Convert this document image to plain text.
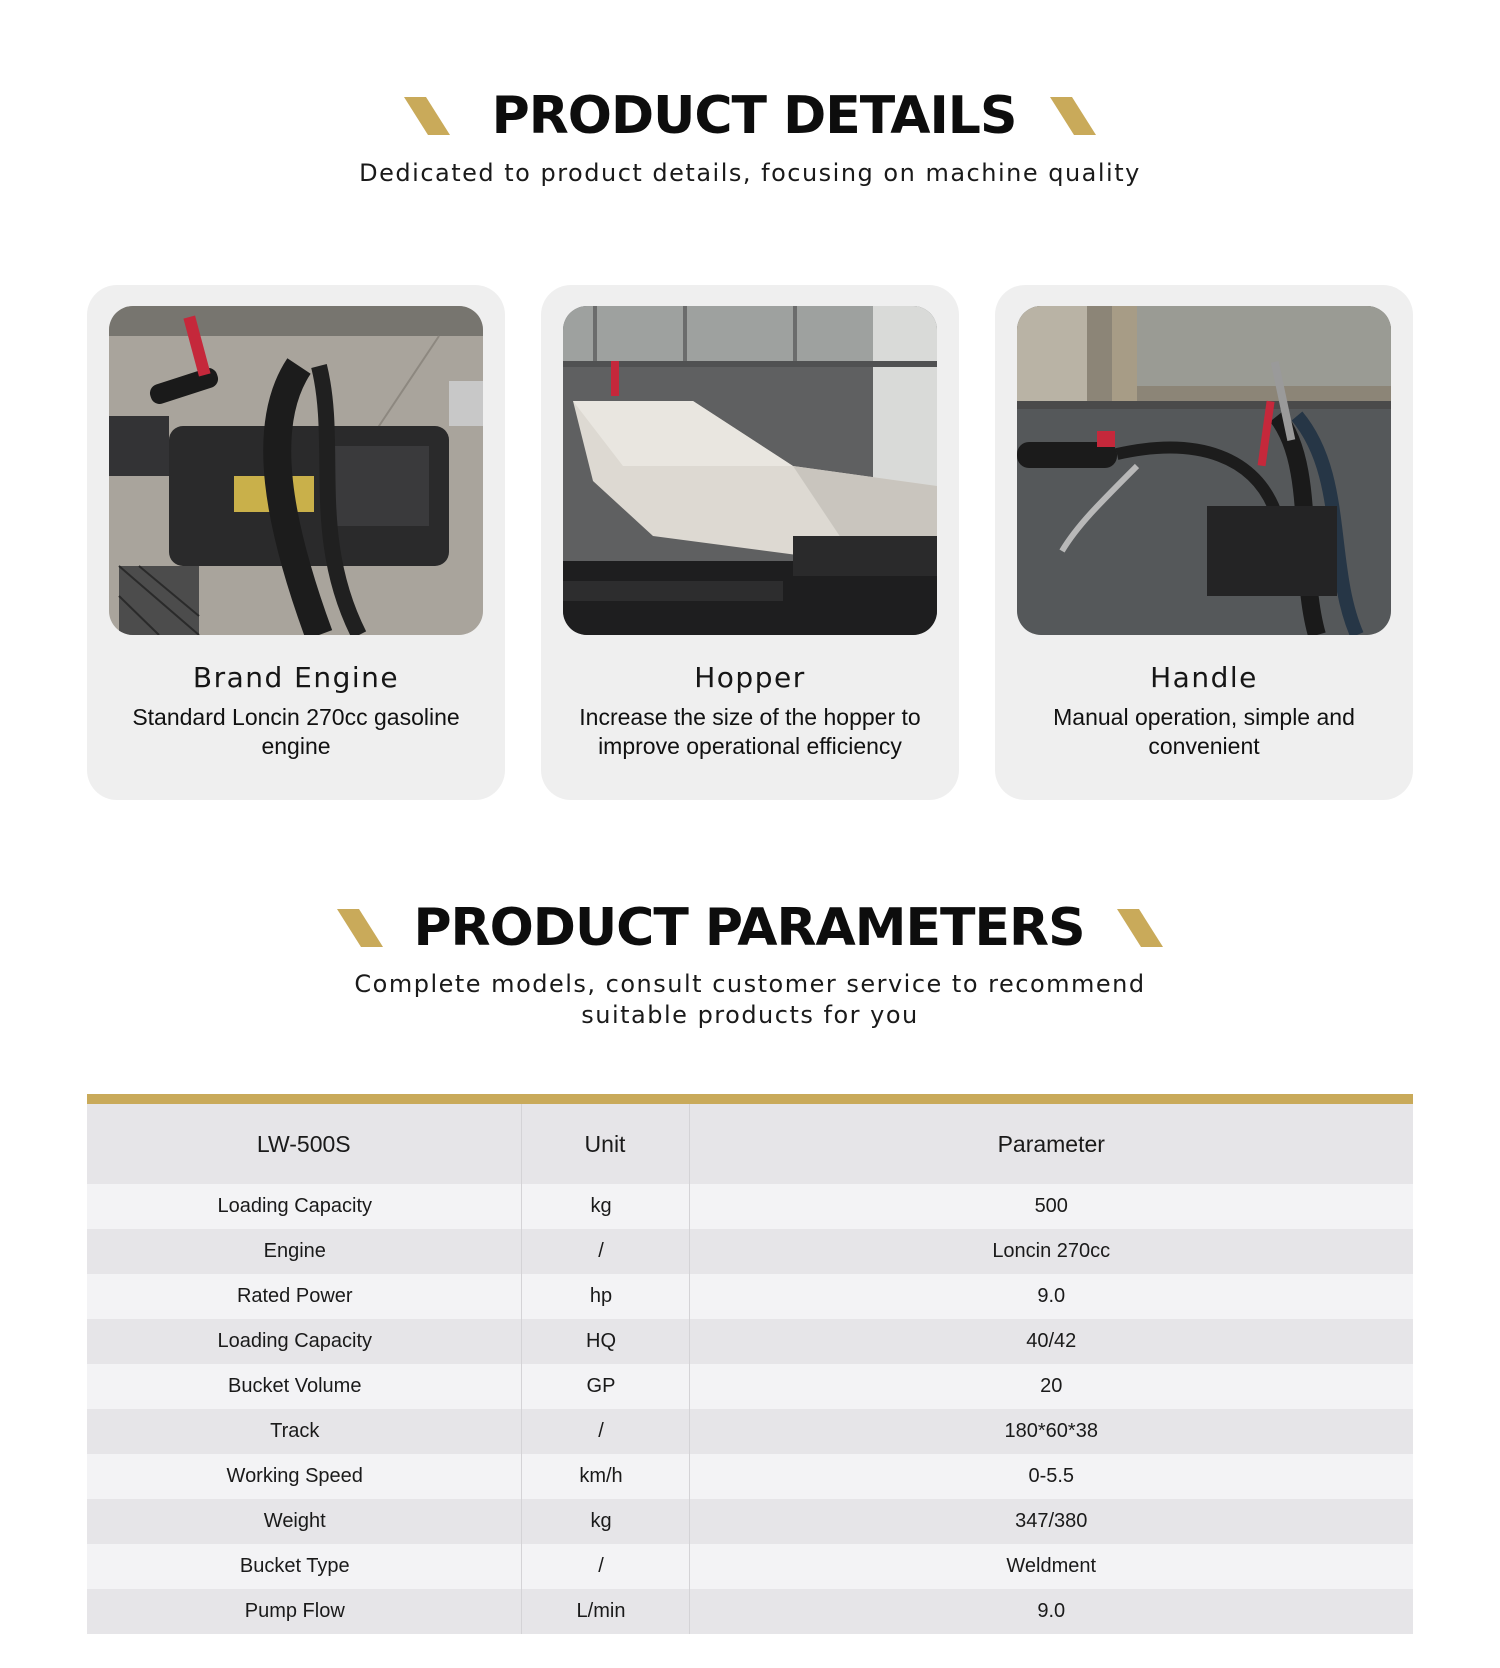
PRODUCT DETAILS
Dedicated to product details, focusing on machine quality
Brand Engine
Standard Loncin 270cc gasoline engine
Hopper
Increase the size of the hopper to improve operational efficiency
Handle
Manual operation, simple and convenient
PRODUCT PARAMETERS
Complete models, consult customer service to recommend suitable products for you
LW-500S	Unit	Parameter
Loading Capacity	kg	500
Engine	/	Loncin 270cc
Rated Power	hp	9.0
Loading Capacity	HQ	40/42
Bucket Volume	GP	20
Track	/	180*60*38
Working Speed	km/h	0-5.5
Weight	kg	347/380
Bucket Type	/	Weldment
Pump Flow	L/min	9.0
